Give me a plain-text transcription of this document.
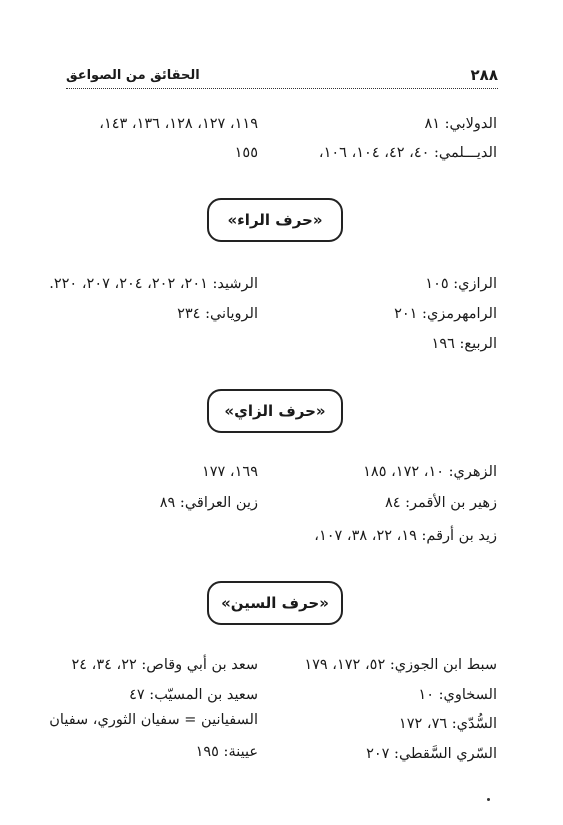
٢٨٨
الحقائق من الصواعق
الدولابي: ٨١
١١٩، ١٢٧، ١٢٨، ١٣٦، ١٤٣،
الديـــلمي: ٤٠، ٤٢، ١٠٤، ١٠٦،
١٥٥
«حرف الراء»
الرازي: ١٠٥
الرشيد: ٢٠١، ٢٠٢، ٢٠٤، ٢٠٧، ٢٢٠.
الرامهرمزي: ٢٠١
الروياني: ٢٣٤
الربيع: ١٩٦
«حرف الزاي»
الزهري: ١٠، ١٧٢، ١٨٥
١٦٩، ١٧٧
زهير بن الأقمر: ٨٤
زين العراقي: ٨٩
زيد بن أرقم: ١٩، ٢٢، ٣٨، ١٠٧،
«حرف السين»
سبط ابن الجوزي: ٥٢، ١٧٢، ١٧٩
سعد بن أبي وقاص: ٢٢، ٣٤، ٢٤
السخاوي: ١٠
سعيد بن المسيّب: ٤٧
السُّدّي: ٧٦، ١٧٢
السفيانين = سفيان الثوري، سفيان
السّري السَّقطي: ٢٠٧
عيينة: ١٩٥
